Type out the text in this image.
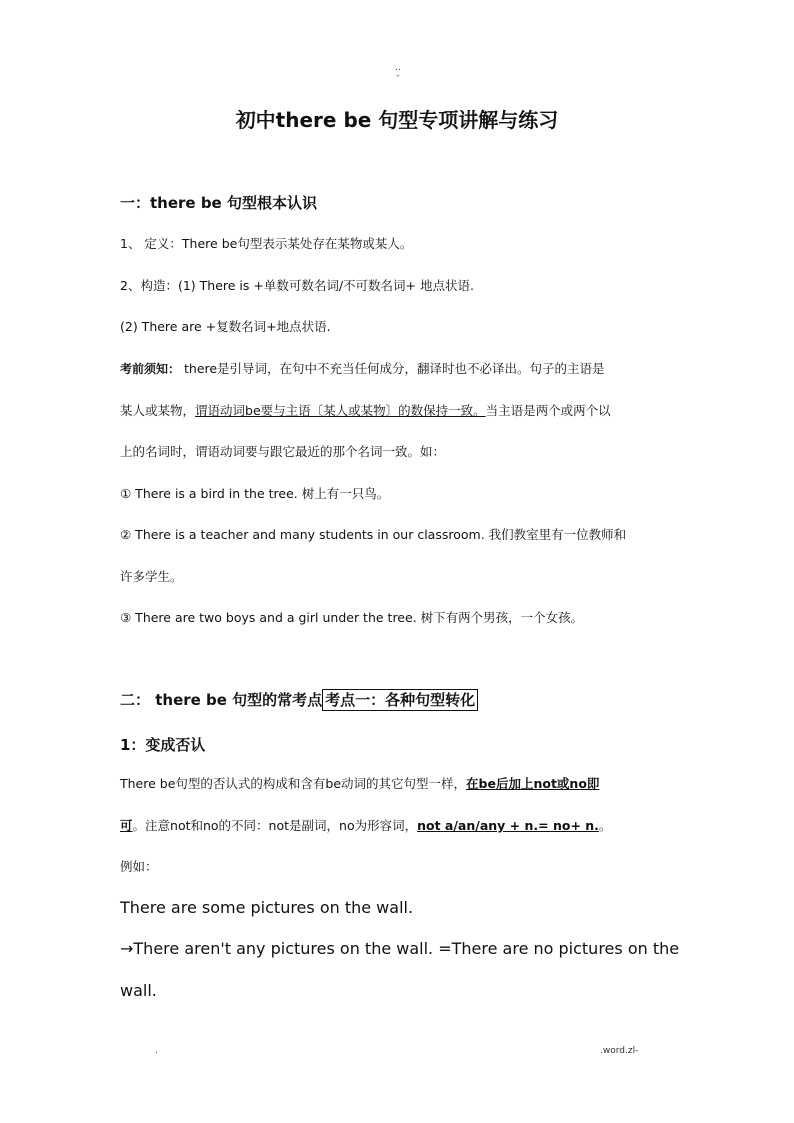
..
-
初中there be 句型专项讲解与练习
一：there be 句型根本认识
1、 定义：There be句型表示某处存在某物或某人。
2、构造：(1) There is +单数可数名词/不可数名词+ 地点状语.
(2) There are +复数名词+地点状语.
考前须知： there是引导词，在句中不充当任何成分，翻译时也不必译出。句子的主语是
某人或某物，谓语动词be要与主语〔某人或某物〕的数保持一致。当主语是两个或两个以
上的名词时，谓语动词要与跟它最近的那个名词一致。如：
① There is a bird in the tree. 树上有一只鸟。
② There is a teacher and many students in our classroom. 我们教室里有一位教师和
许多学生。
③ There are two boys and a girl under the tree. 树下有两个男孩，一个女孩。
二： there be 句型的常考点 考点一：各种句型转化
1：变成否认
There be句型的否认式的构成和含有be动词的其它句型一样，在be后加上not或no即
可。注意not和no的不同：not是副词，no为形容词，not a/an/any + n.= no+ n.。
例如：
There are some pictures on the wall.
→There aren't any pictures on the wall. =There are no pictures on the
wall.
.	.word.zl-
